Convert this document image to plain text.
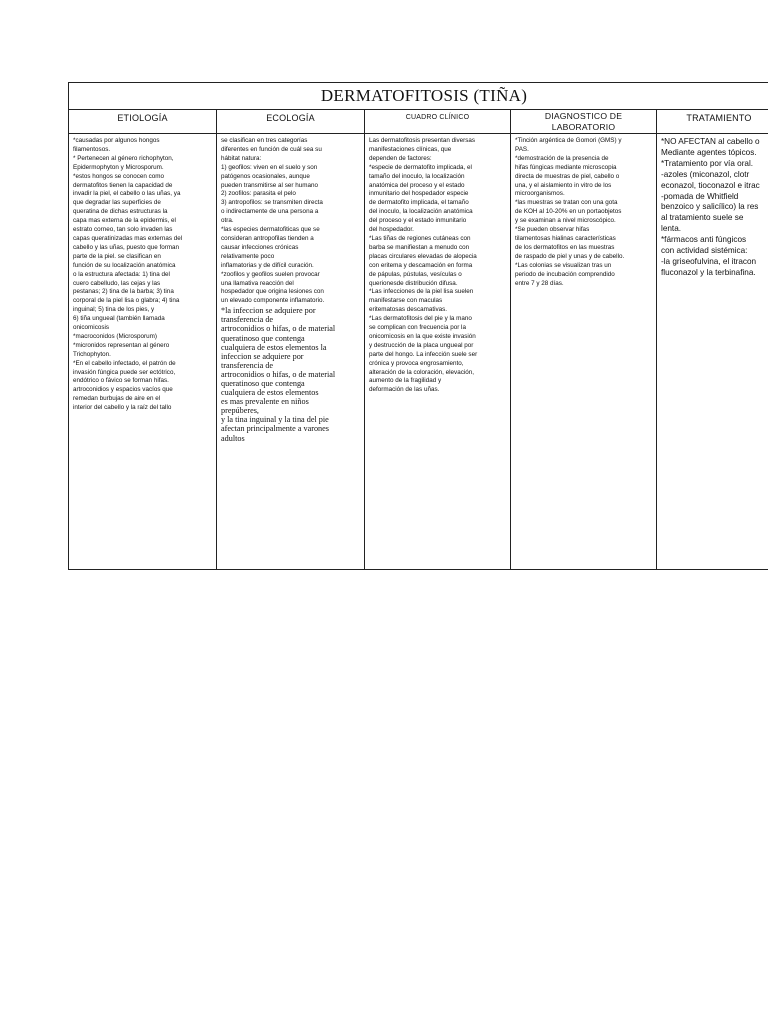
DERMATOFITOSIS (TIÑA)
ETIOLOGÍA

*causadas por algunos hongos

filamentosos.

* Pertenecen al género richophyton,

Epidermophyton y Microsporum.

*estos hongos se conocen como

dermatofitos tienen la capacidad de

invadir la piel, el cabello o las uñas, ya

que degradar las superficies de

queratina de dichas estructuras la

capa mas externa de la epidermis, el

estrato corneo, tan solo invaden las

capas queratinizadas mas externas del

cabello y las uñas, puesto que forman

parte de la piel. se clasifican en

función de su localización anatómica

o la estructura afectada: 1) tina del

cuero cabelludo, las cejas y las

pestanas; 2) tina de la barba; 3) tina

corporal de la piel lisa o glabra; 4) tina

inguinal; 5) tina de los pies, y

6) tiña ungueal (también llamada

onicomicosis

*macroconidos (Microsporum)

*micronidos representan al género

Trichophyton.

*En el cabello infectado, el patrón de

invasión fúngica puede ser ectótrico,

endótrico o fávico se forman hifas.

artroconidios y espacios vacíos que

remedan burbujas de aire en el

interior del cabello y la raíz del tallo

ECOLOGÍA

se clasifican en tres categorías

diferentes en función de cuál sea su

hábitat natura:

1) geofilos: viven en el suelo y son

patógenos ocasionales, aunque

pueden transmitirse al ser humano

2) zoofilos: parasita el pelo

3) antropofilos: se transmiten directa

o indirectamente de una persona a

otra.

*las especies dermatofiticas que se

consideran antropofilas tienden a

causar infecciones crónicas

relativamente poco

inflamatorias y de difícil curación.

*zoofilos y geofilos suelen provocar

una llamativa reacción del

hospedador que origina lesiones con

un elevado componente inflamatorio.

*la infeccion se adquiere por

transferencia de

artroconidios o hifas, o de material

queratinoso que contenga

cualquiera de estos elementos la

infeccion se adquiere por

transferencia de

artroconidios o hifas, o de material

queratinoso que contenga

cualquiera de estos elementos

es mas prevalente en niños

prepúberes,

y la tina inguinal y la tina del pie

afectan principalmente a varones

adultos

CUADRO CLÍNICO

Las dermatofitosis presentan diversas

manifestaciones clínicas, que

dependen de factores:

*especie de dermatofito implicada, el

tamaño del inoculo, la localización

anatómica del proceso y el estado

inmunitario del hospedador especie

de dermatofito implicada, el tamaño

del inoculo, la localización anatómica

del proceso y el estado inmunitario

del hospedador.

*Las tiñas de regiones cutáneas con

barba se manifiestan a menudo con

placas circulares elevadas de alopecia

con eritema y descamación en forma

de pápulas, pústulas, vesículas o

querionesde distribución difusa.

*Las infecciones de la piel lisa suelen

manifestarse con maculas

eritematosas descamativas.

*Las dermatofitosis del pie y la mano

se complican con frecuencia por la

onicomicosis en la que existe invasión

y destrucción de la placa ungueal por

parte del hongo. La infección suele ser

crónica y provoca engrosamiento,

alteración de la coloración, elevación,

aumento de la fragilidad y

deformación de las uñas.

DIAGNOSTICO DE
LABORATORIO

*Tinción argéntica de Gomori (GMS) y

PAS.

*demostración de la presencia de

hifas fúngicas mediante microscopia

directa de muestras de piel, cabello o

una, y el aislamiento in vitro de los

microorganismos.

*las muestras se tratan con una gota

de KOH al 10-20% en un portaobjetos

y se examinan a nivel microscópico.

*Se pueden observar hifas

tilamentosas hialinas características

de los dermatofitos en las muestras

de raspado de piel y unas y de cabello.

*Las colonias se visualizan tras un

periodo de incubación comprendido

entre 7 y 28 días.

TRATAMIENTO

*NO AFECTAN al cabello o

Mediante agentes tópicos.

*Tratamiento por vía oral.

-azoles (miconazol, clotr

econazol, tioconazol e itrac

-pomada de Whitfield

benzoico y salicílico) la res

al tratamiento suele se

lenta.

*fármacos anti fúngicos

con actividad sistémica:

-la griseofulvina, el itracon

fluconazol y la terbinafina.
